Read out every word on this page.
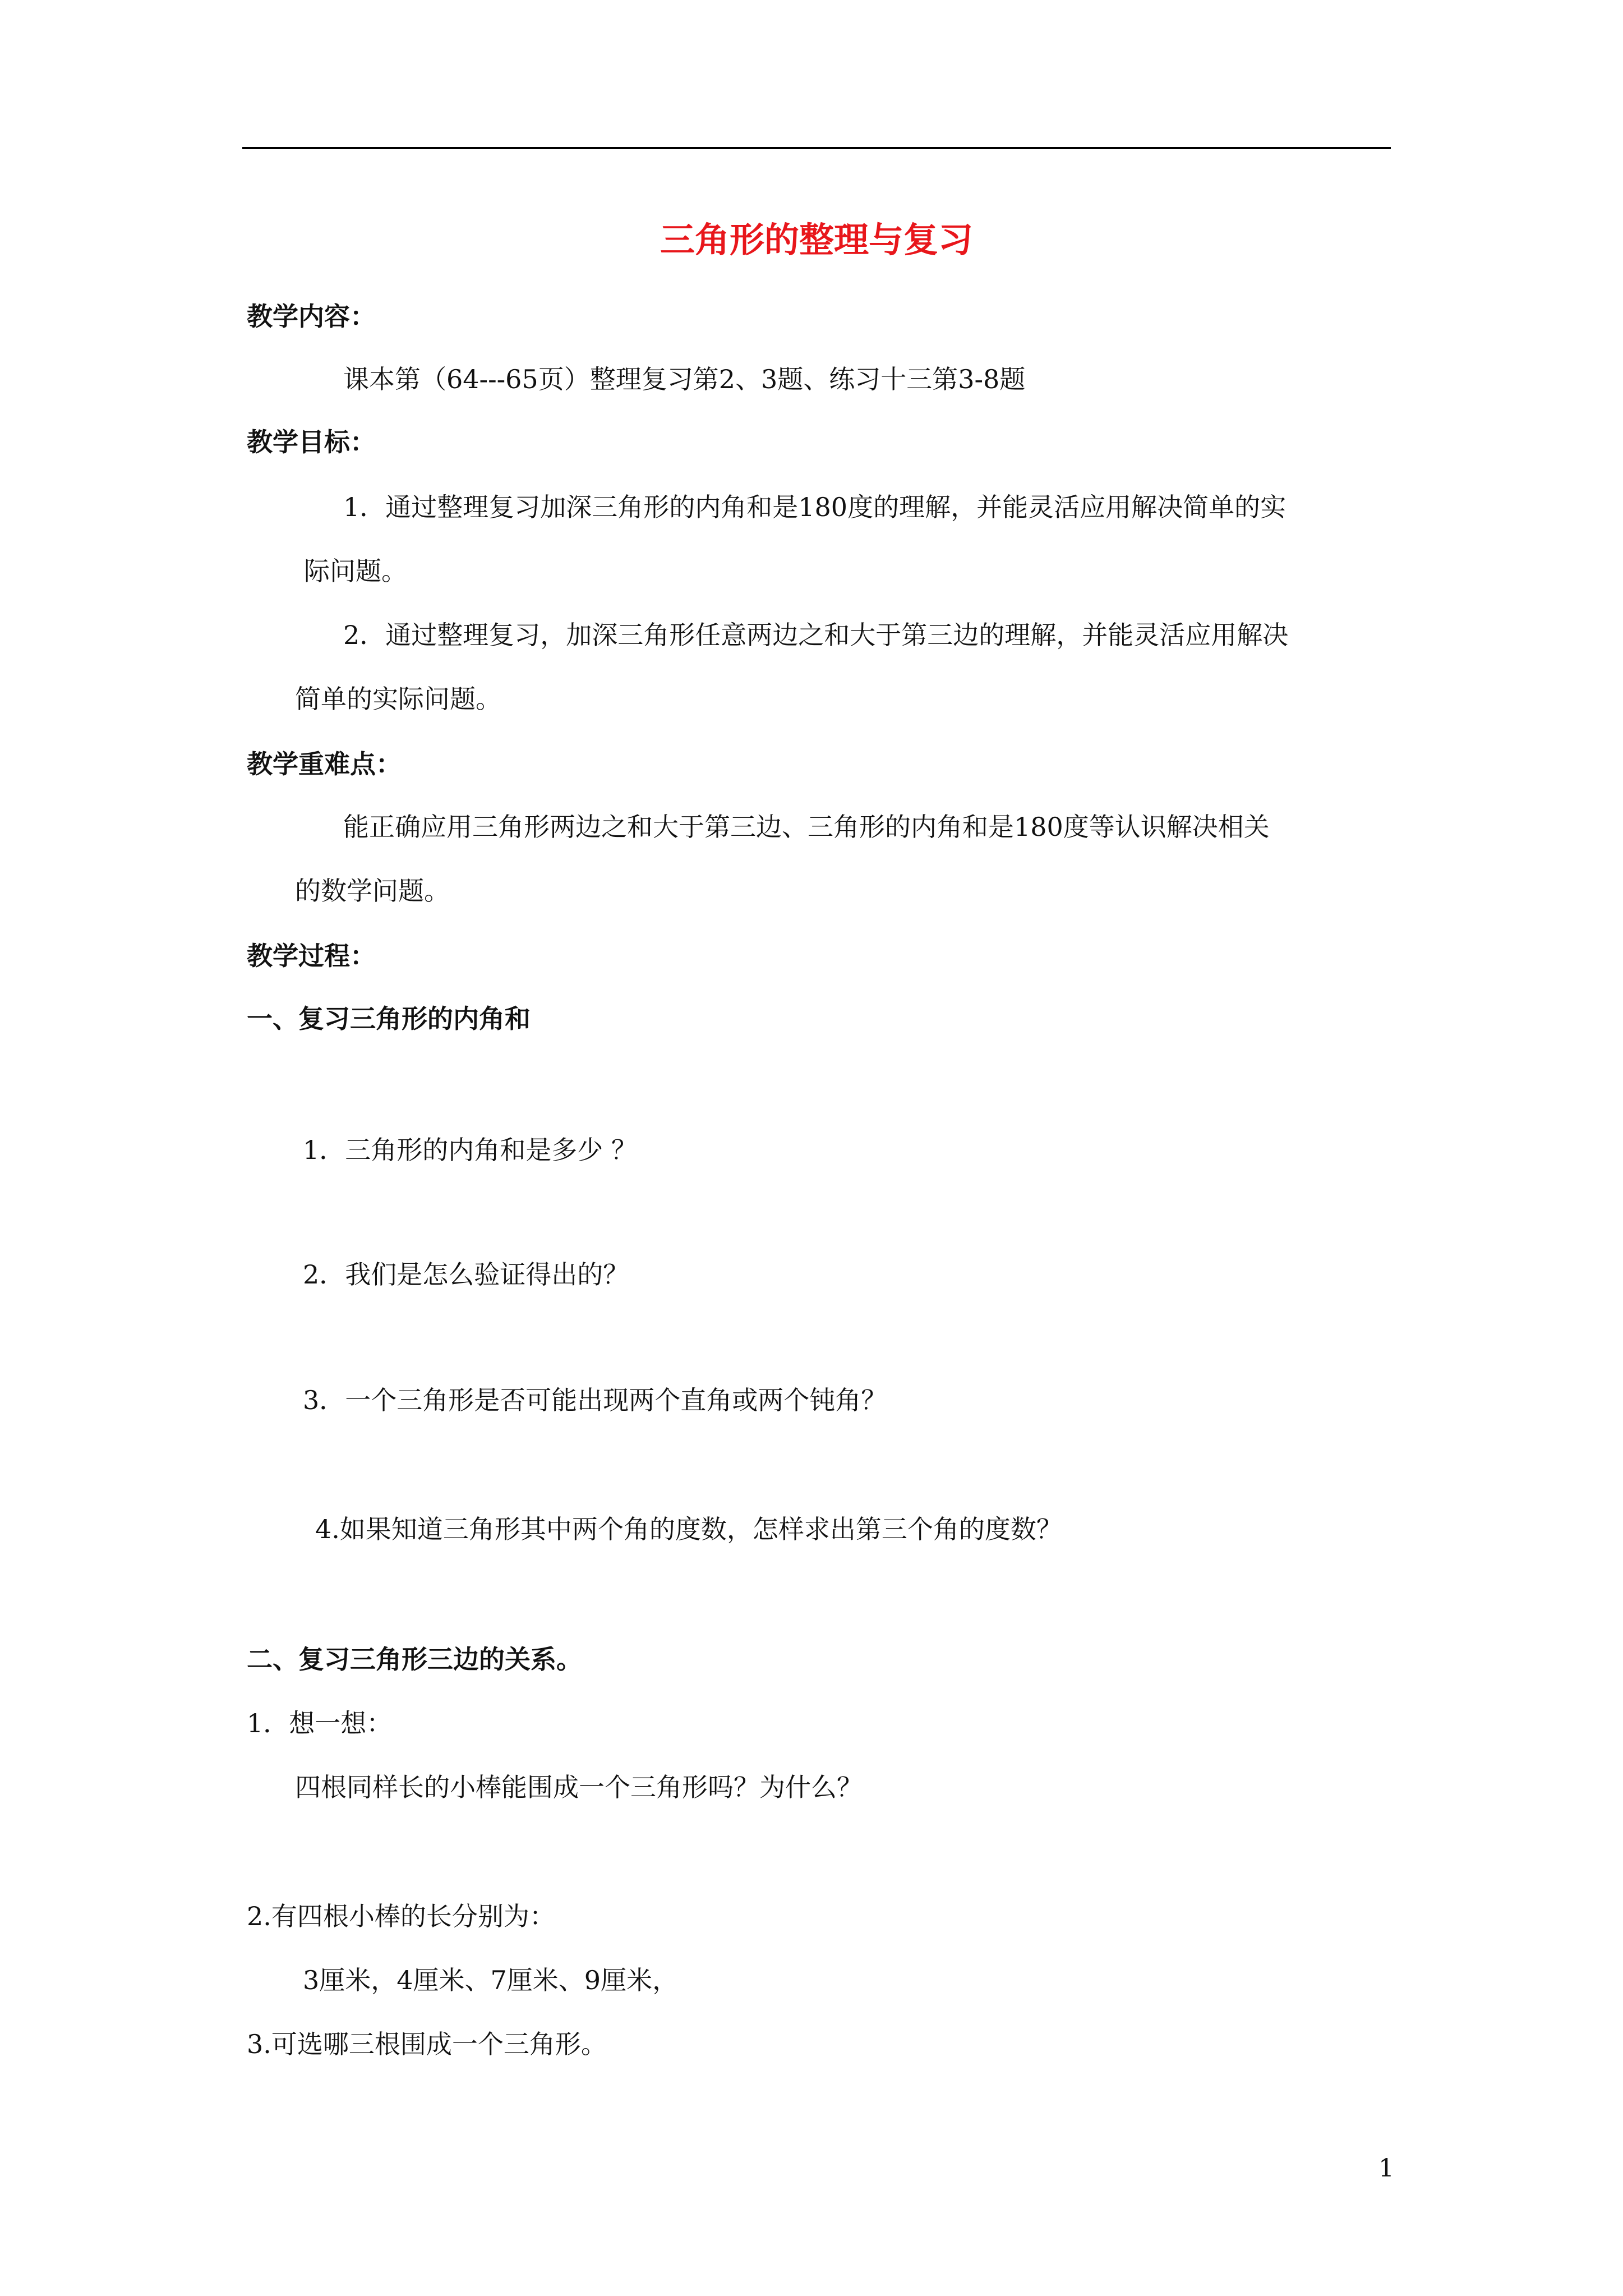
三角形的整理与复习
教学内容：
课本第（64---65页）整理复习第2、3题、练习十三第3-8题
教学目标：
1．通过整理复习加深三角形的内角和是180度的理解，并能灵活应用解决简单的实
际问题。
2．通过整理复习，加深三角形任意两边之和大于第三边的理解，并能灵活应用解决
简单的实际问题。
教学重难点：
能正确应用三角形两边之和大于第三边、三角形的内角和是180度等认识解决相关
的数学问题。
教学过程：
一、复习三角形的内角和
1．三角形的内角和是多少 ？
2．我们是怎么验证得出的？
3．一个三角形是否可能出现两个直角或两个钝角？
4.如果知道三角形其中两个角的度数，怎样求出第三个角的度数？
二、复习三角形三边的关系。
1．想一想：
四根同样长的小棒能围成一个三角形吗？为什么？
2.有四根小棒的长分别为：
3厘米，4厘米、7厘米、9厘米，
3.可选哪三根围成一个三角形。
1
